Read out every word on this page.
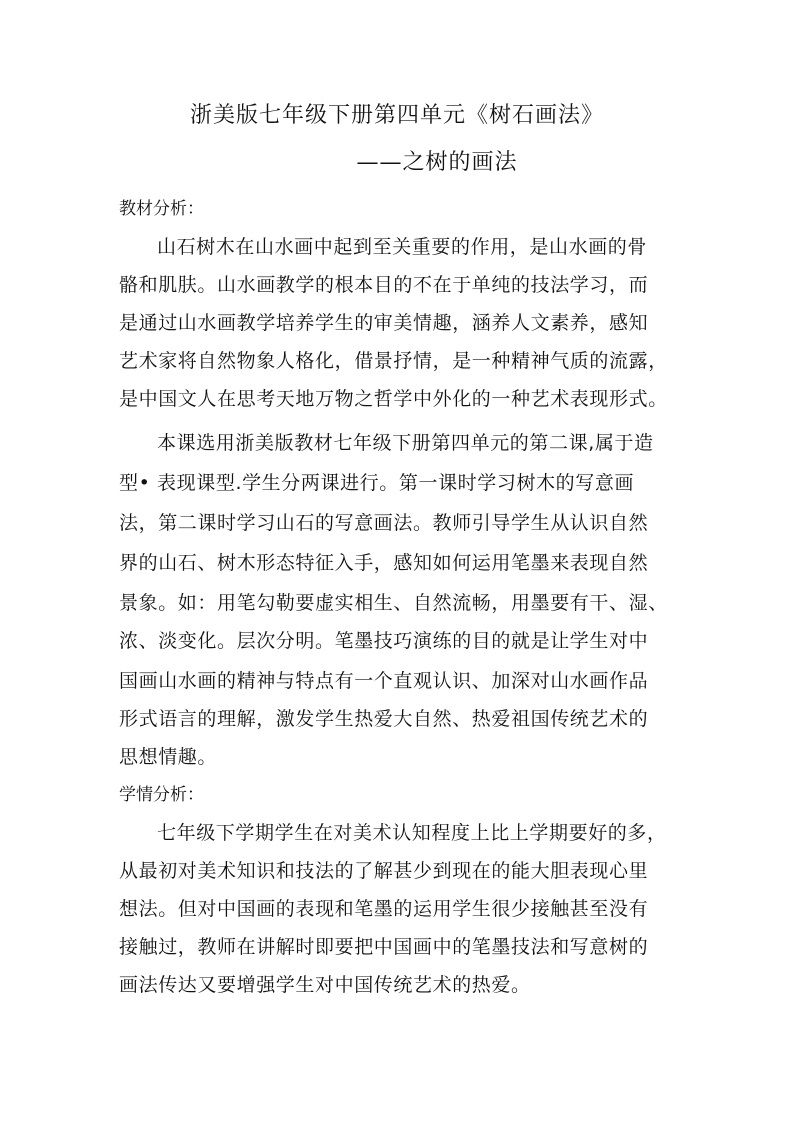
浙美版七年级下册第四单元《树石画法》
——之树的画法
教材分析：
山石树木在山水画中起到至关重要的作用，是山水画的骨
骼和肌肤。山水画教学的根本目的不在于单纯的技法学习，而
是通过山水画教学培养学生的审美情趣，涵养人文素养，感知
艺术家将自然物象人格化，借景抒情，是一种精神气质的流露，
是中国文人在思考天地万物之哲学中外化的一种艺术表现形式。
本课选用浙美版教材七年级下册第四单元的第二课,属于造
型• 表现课型.学生分两课进行。第一课时学习树木的写意画
法，第二课时学习山石的写意画法。教师引导学生从认识自然
界的山石、树木形态特征入手，感知如何运用笔墨来表现自然
景象。如：用笔勾勒要虚实相生、自然流畅，用墨要有干、湿、
浓、淡变化。层次分明。笔墨技巧演练的目的就是让学生对中
国画山水画的精神与特点有一个直观认识、加深对山水画作品
形式语言的理解，激发学生热爱大自然、热爱祖国传统艺术的
思想情趣。
学情分析：
七年级下学期学生在对美术认知程度上比上学期要好的多，
从最初对美术知识和技法的了解甚少到现在的能大胆表现心里
想法。但对中国画的表现和笔墨的运用学生很少接触甚至没有
接触过，教师在讲解时即要把中国画中的笔墨技法和写意树的
画法传达又要增强学生对中国传统艺术的热爱。
